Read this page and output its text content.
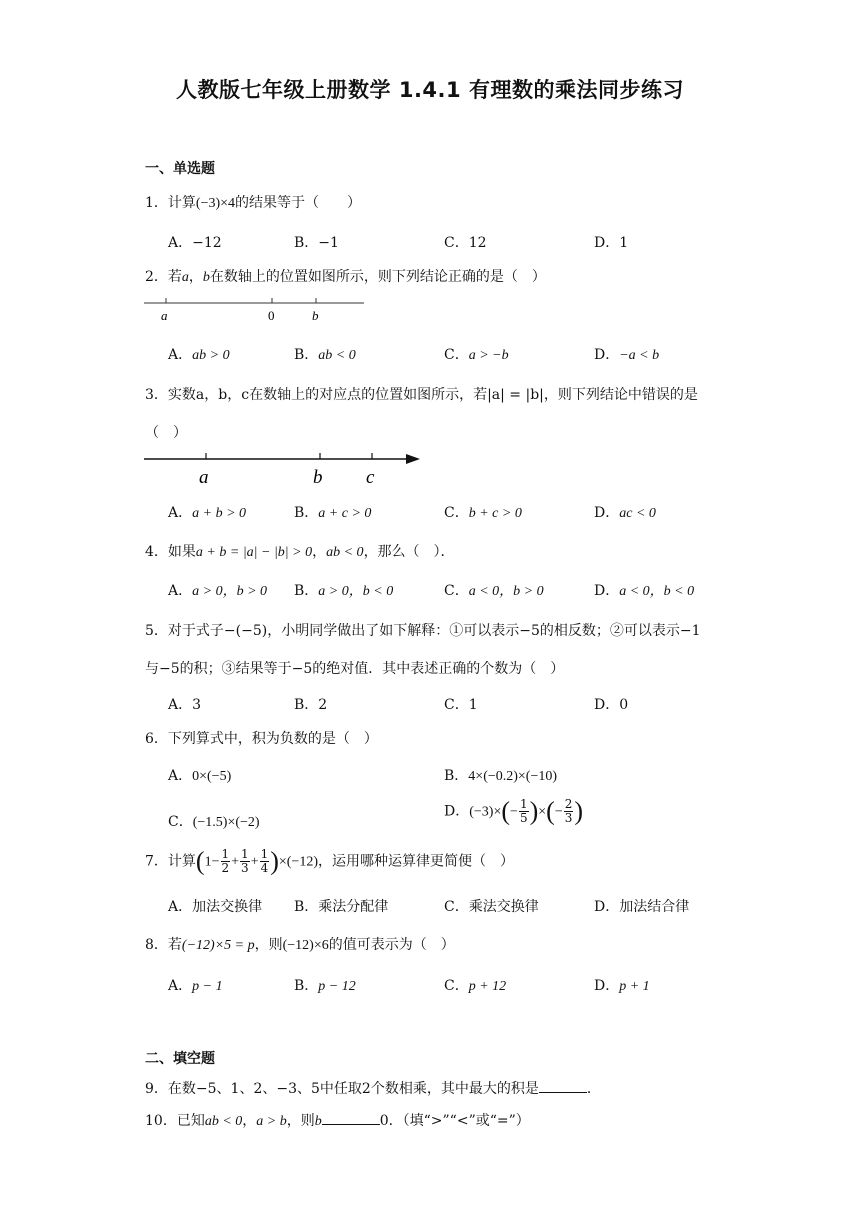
人教版七年级上册数学 1.4.1 有理数的乘法同步练习
一、单选题
1．计算(−3)×4的结果等于（　　）
A．−12	B．−1	C．12	D．1
2．若a，b在数轴上的位置如图所示，则下列结论正确的是（　）
a	0	b
A．ab > 0	B．ab < 0	C．a > −b	D．−a < b
3．实数a，b，c在数轴上的对应点的位置如图所示，若|a| = |b|，则下列结论中错误的是
（　）
a	b c
A．a + b > 0	B．a + c > 0	C．b + c > 0	D．ac < 0
4．如果a + b = |a| − |b| > 0，ab < 0，那么（　）．
A．a > 0，b > 0 B．a > 0，b < 0	C．a < 0，b > 0	D．a < 0，b < 0
5．对于式子−(−5)，小明同学做出了如下解释：①可以表示−5的相反数；②可以表示−1
与−5的积；③结果等于−5的绝对值．其中表述正确的个数为（　）
A．3	B．2	C．1	D．0
6．下列算式中，积为负数的是（　）
A．0×(−5)	B．4×(−0.2)×(−10)
C．(−1.5)×(−2)
D．$(-3)\times(- \frac{1}{5}$ )×(− $\frac{2}{3}$ )
7．计算$(1- \frac{1}{2} + \frac{1}{3} + \frac{1}{4} )\times(-12)$，运用哪种运算律更简便（　）
A．加法交换律 B．乘法分配律	C．乘法交换律	D．加法结合律
8．若(−12)×5 = p，则(−12)×6的值可表示为（　）
A．p − 1	B．p − 12	C．p + 12	D．p + 1
二、填空题
9．在数−5、1、2、−3、5中任取2个数相乘，其中最大的积是	．
10．已知ab < 0，a > b，则b	0．（填“>”“<”或“=”）
